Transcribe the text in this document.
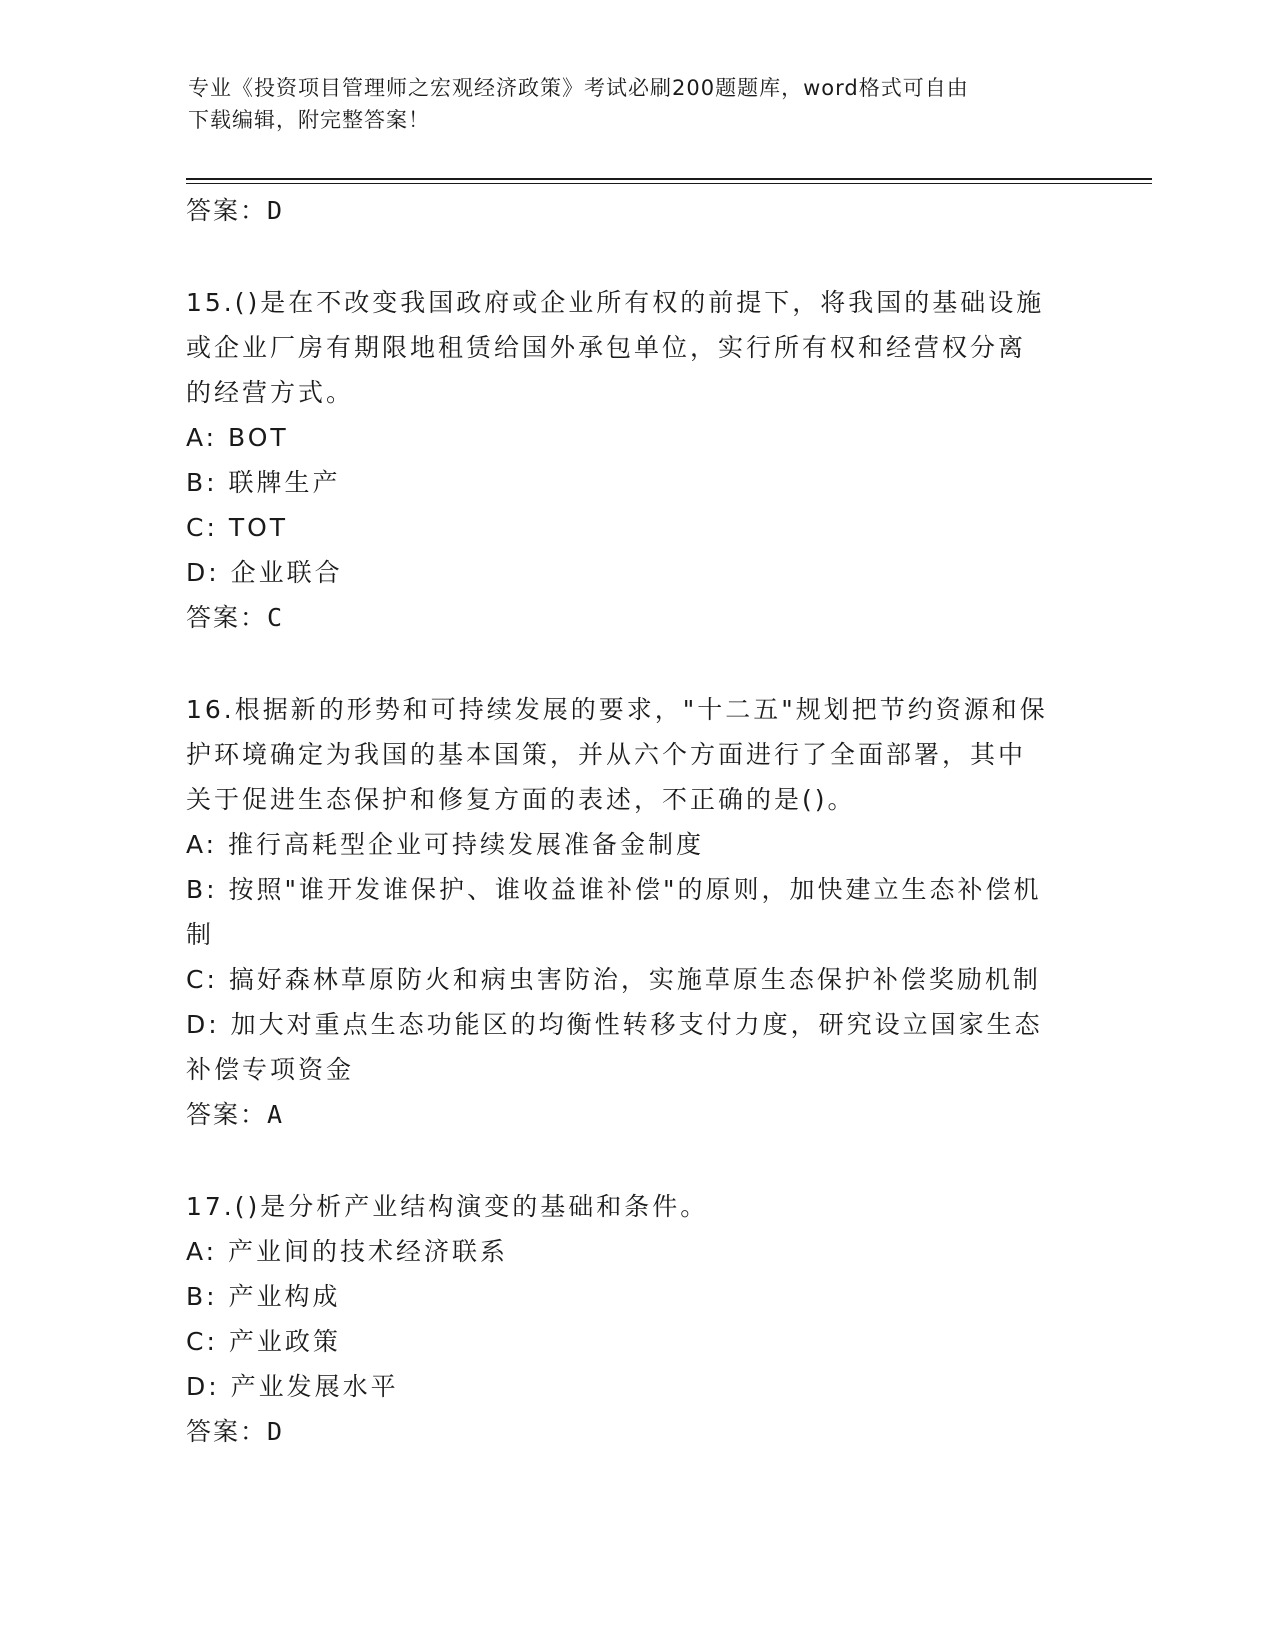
专业《投资项目管理师之宏观经济政策》考试必刷200题题库，word格式可自由
下载编辑，附完整答案！
答案：D
15.()是在不改变我国政府或企业所有权的前提下，将我国的基础设施
或企业厂房有期限地租赁给国外承包单位，实行所有权和经营权分离
的经营方式。
A: BOT
B: 联牌生产
C: TOT
D: 企业联合
答案：C
16.根据新的形势和可持续发展的要求，"十二五"规划把节约资源和保
护环境确定为我国的基本国策，并从六个方面进行了全面部署，其中
关于促进生态保护和修复方面的表述，不正确的是()。
A: 推行高耗型企业可持续发展准备金制度
B: 按照"谁开发谁保护、谁收益谁补偿"的原则，加快建立生态补偿机
制
C: 搞好森林草原防火和病虫害防治，实施草原生态保护补偿奖励机制
D: 加大对重点生态功能区的均衡性转移支付力度，研究设立国家生态
补偿专项资金
答案：A
17.()是分析产业结构演变的基础和条件。
A: 产业间的技术经济联系
B: 产业构成
C: 产业政策
D: 产业发展水平
答案：D
